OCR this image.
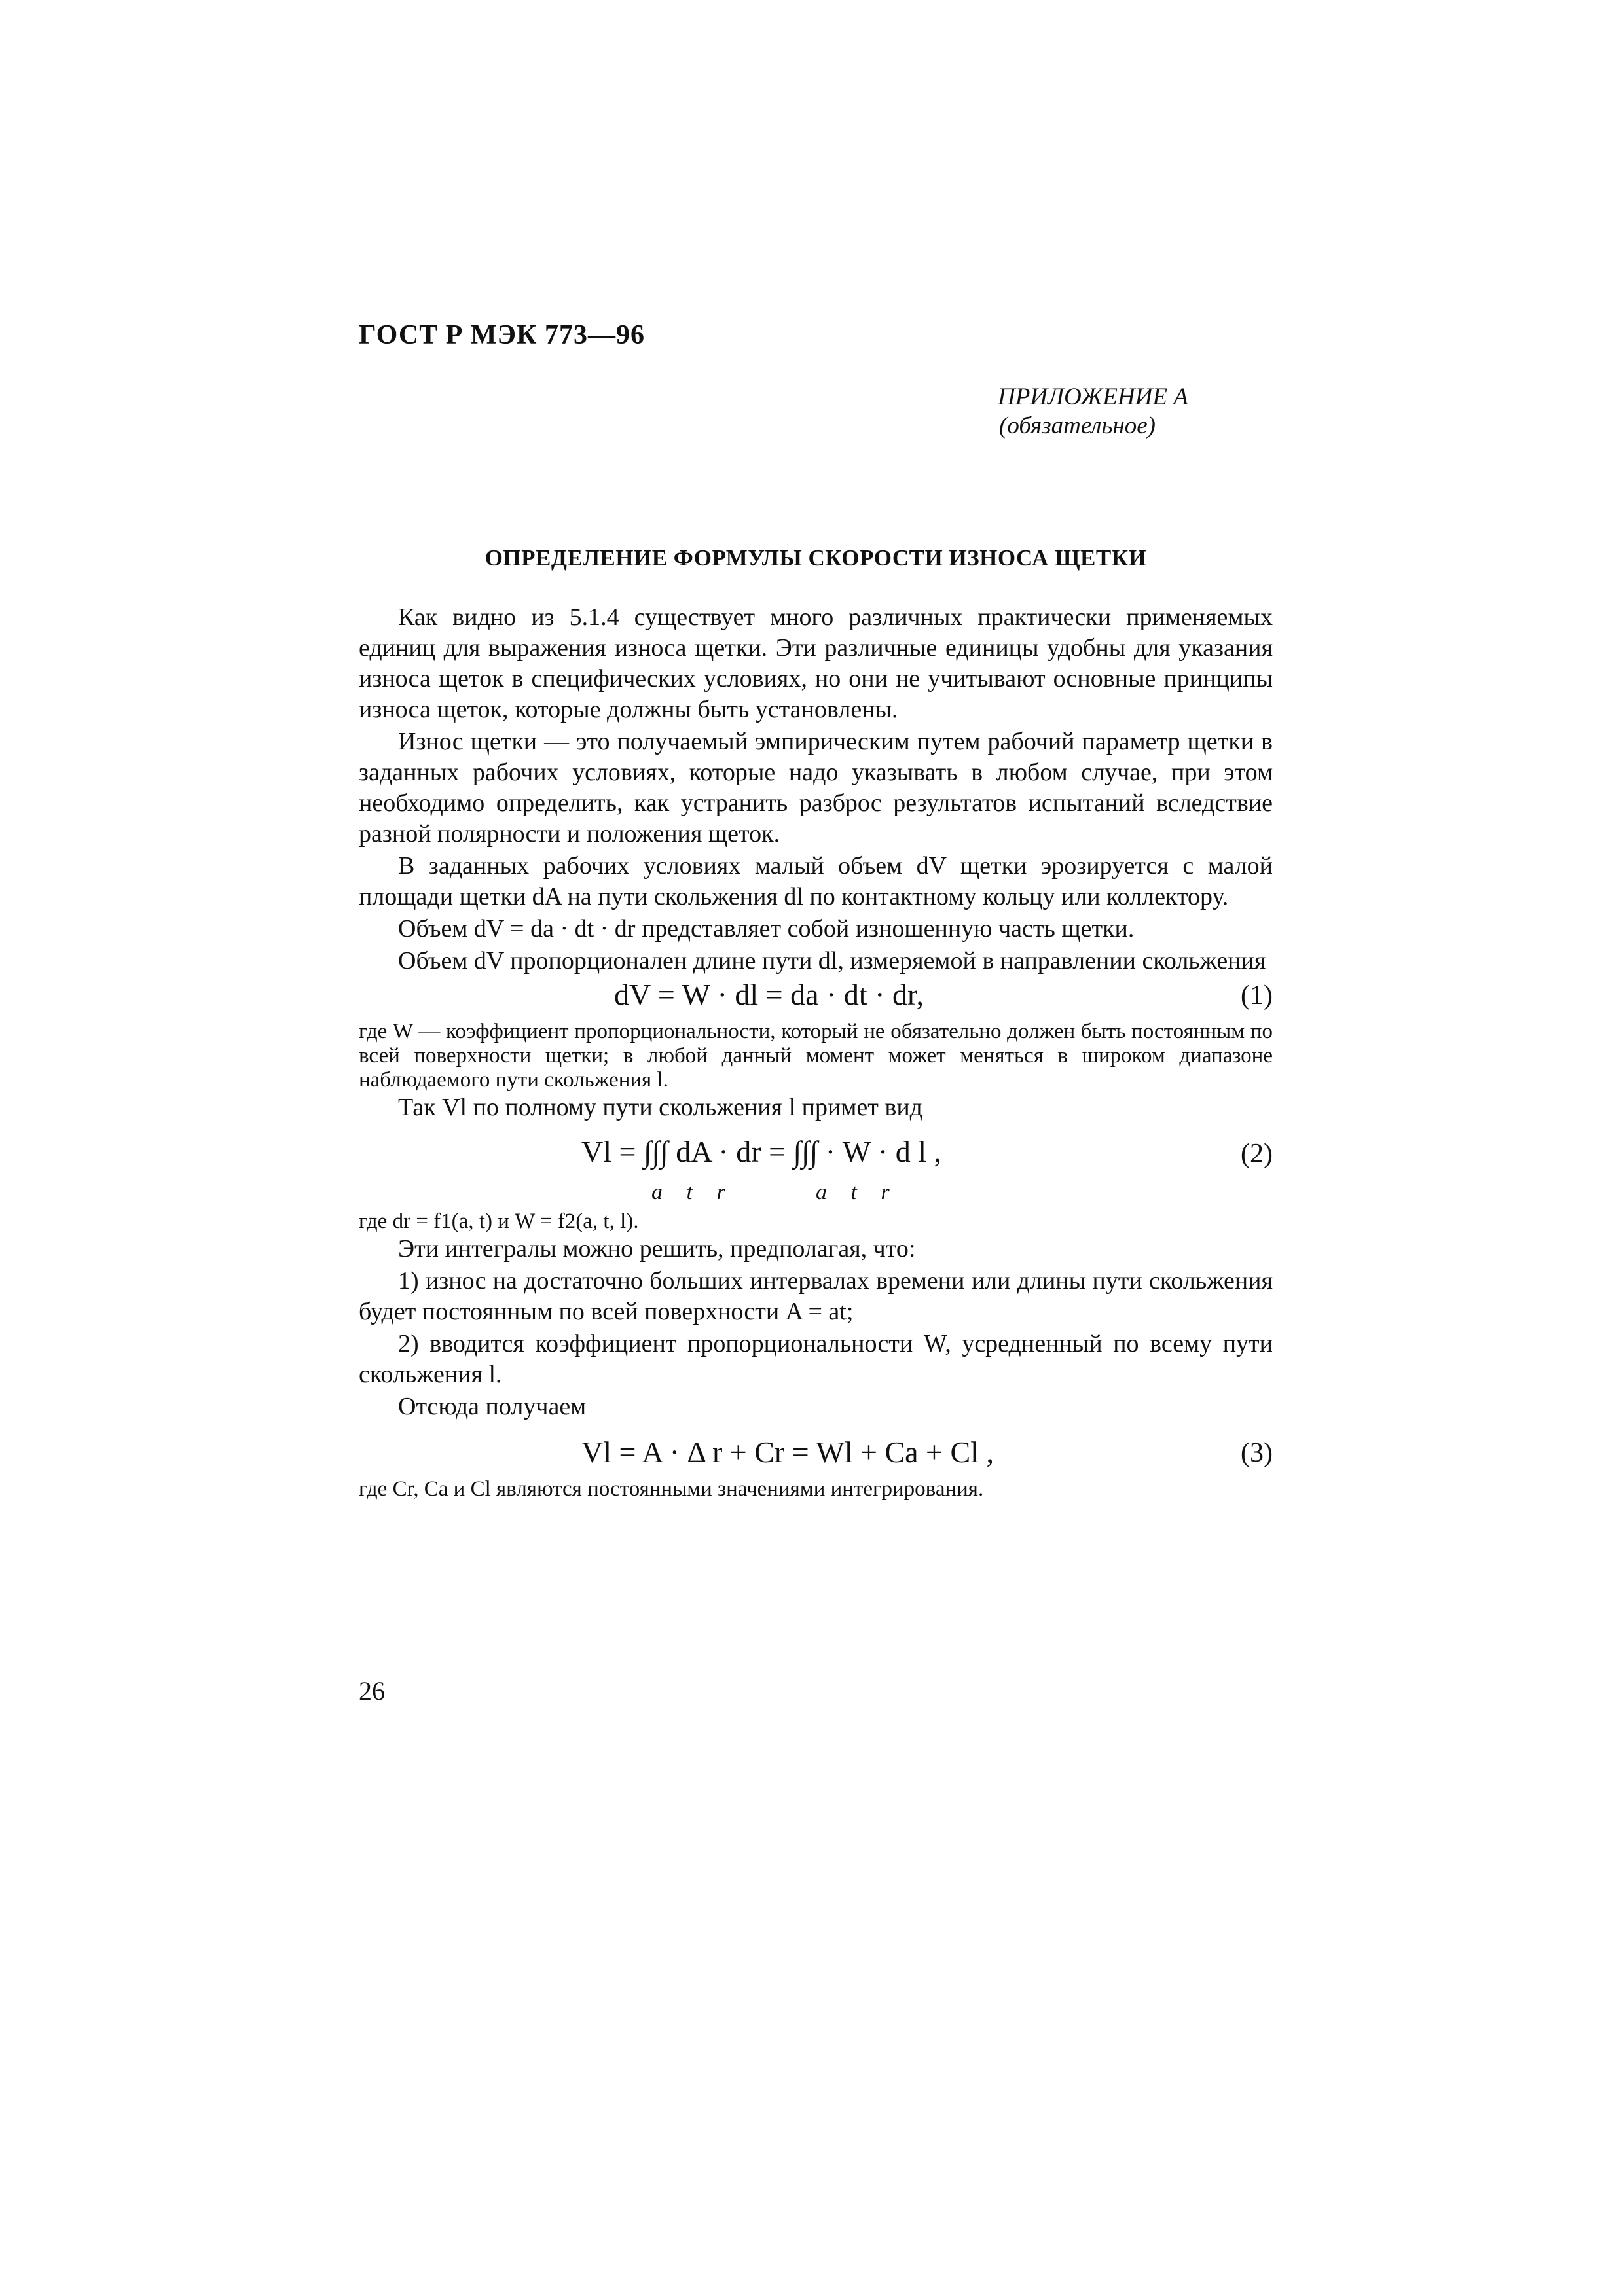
ГОСТ Р МЭК 773—96
ПРИЛОЖЕНИЕ А
(обязательное)
ОПРЕДЕЛЕНИЕ ФОРМУЛЫ СКОРОСТИ ИЗНОСА ЩЕТКИ

Как видно из 5.1.4 существует много различных практически применяемых единиц для выражения износа щетки. Эти различные единицы удобны для указания износа щеток в специфических условиях, но они не учитывают основные принципы износа щеток, которые должны быть установлены.

Износ щетки — это получаемый эмпирическим путем рабочий параметр щетки в заданных рабочих условиях, которые надо указывать в любом случае, при этом необходимо определить, как устранить разброс результатов испытаний вследствие разной полярности и положения щеток.

В заданных рабочих условиях малый объем dV щетки эрозируется с малой площади щетки dA на пути скольжения dl по контактному кольцу или коллектору.

Объем dV = da · dt · dr представляет собой изношенную часть щетки.

Объем dV пропорционален длине пути dl, измеряемой в направлении скольжения

dV = W · dl = da · dt · dr,	(1)

где W — коэффициент пропорциональности, который не обязательно должен быть постоянным по всей поверхности щетки; в любой данный момент может меняться в широком диапазоне наблюдаемого пути скольжения l.

Так Vl по полному пути скольжения l примет вид

Vl = ∫∫∫ dA · dr = ∫∫∫ · W · d l ,	(2)
a t r	a t r

где dr = f1(a, t) и W = f2(a, t, l).

Эти интегралы можно решить, предполагая, что:

1) износ на достаточно больших интервалах времени или длины пути скольжения будет постоянным по всей поверхности A = at;

2) вводится коэффициент пропорциональности W, усредненный по всему пути скольжения l.

Отсюда получаем

Vl = A · Δ r + Cr = Wl + Ca + Cl ,	(3)

где Cr, Ca и Cl являются постоянными значениями интегрирования.

26
